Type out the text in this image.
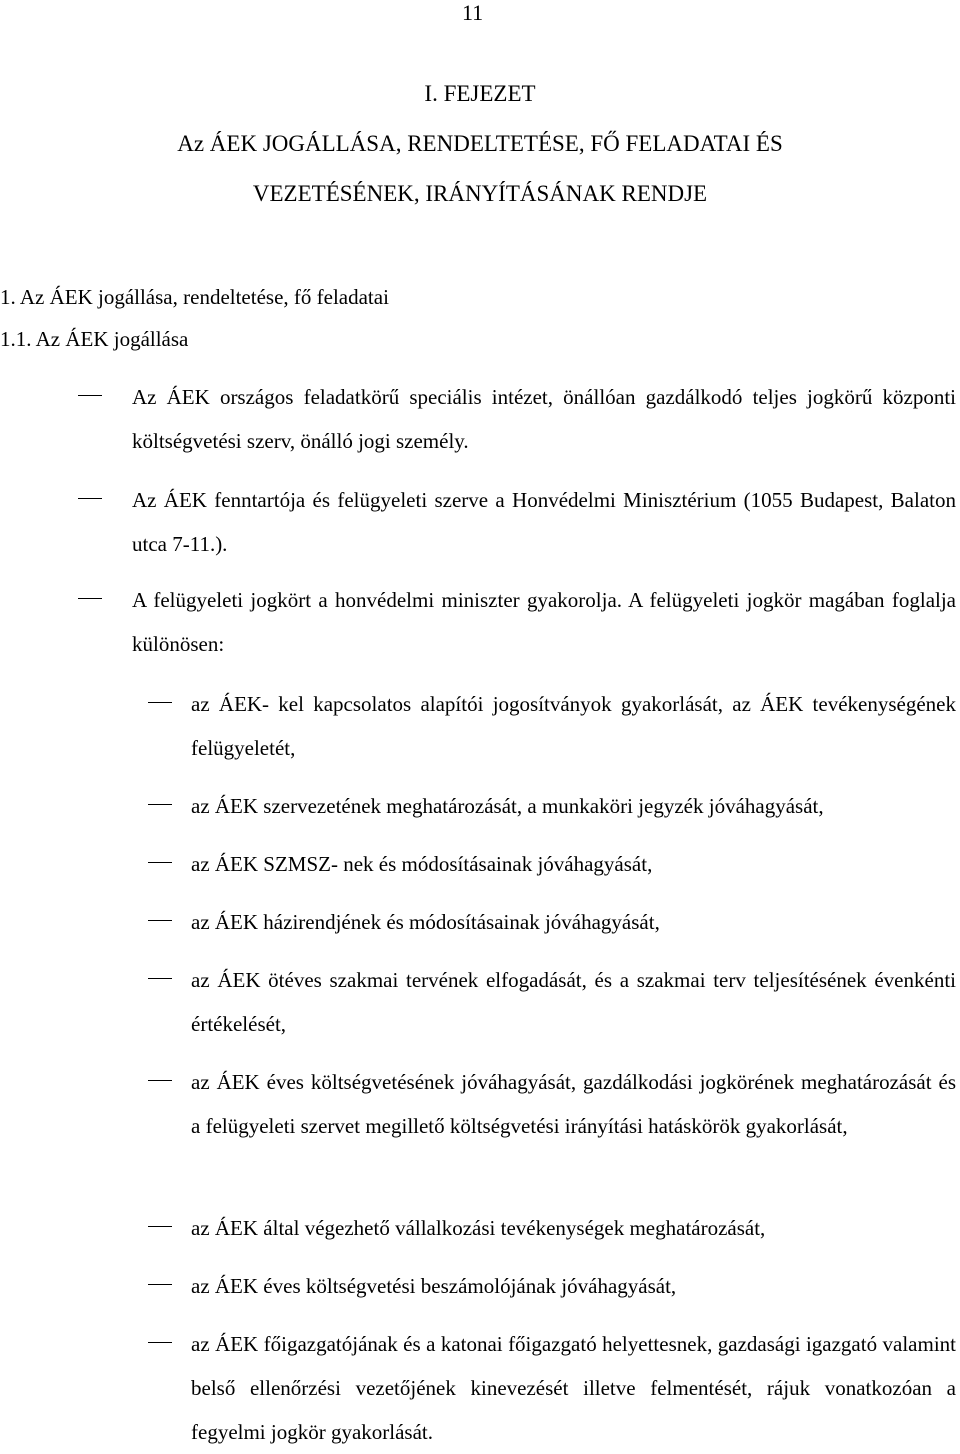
11
I. FEJEZET
Az ÁEK JOGÁLLÁSA, RENDELTETÉSE, FŐ FELADATAI ÉS
VEZETÉSÉNEK, IRÁNYÍTÁSÁNAK RENDJE
1. Az ÁEK jogállása, rendeltetése, fő feladatai
1.1. Az ÁEK jogállása
Az ÁEK országos feladatkörű speciális intézet, önállóan gazdálkodó teljes jogkörű központi költségvetési szerv, önálló jogi személy.
Az ÁEK fenntartója és felügyeleti szerve a Honvédelmi Minisztérium (1055 Budapest, Balaton utca 7-11.).
A felügyeleti jogkört a honvédelmi miniszter gyakorolja. A felügyeleti jogkör magában foglalja különösen:
az ÁEK- kel kapcsolatos alapítói jogosítványok gyakorlását, az ÁEK tevékenységének felügyeletét,
az ÁEK szervezetének meghatározását, a munkaköri jegyzék jóváhagyását,
az ÁEK SZMSZ- nek és módosításainak jóváhagyását,
az ÁEK házirendjének és módosításainak jóváhagyását,
az ÁEK ötéves szakmai tervének elfogadását, és a szakmai terv teljesítésének évenkénti értékelését,
az ÁEK éves költségvetésének jóváhagyását, gazdálkodási jogkörének meghatározását és a felügyeleti szervet megillető költségvetési irányítási hatáskörök gyakorlását,
az ÁEK által végezhető vállalkozási tevékenységek meghatározását,
az ÁEK éves költségvetési beszámolójának jóváhagyását,
az ÁEK főigazgatójának és a katonai főigazgató helyettesnek, gazdasági igazgató valamint belső ellenőrzési vezetőjének kinevezését illetve felmentését, rájuk vonatkozóan a fegyelmi jogkör gyakorlását.
